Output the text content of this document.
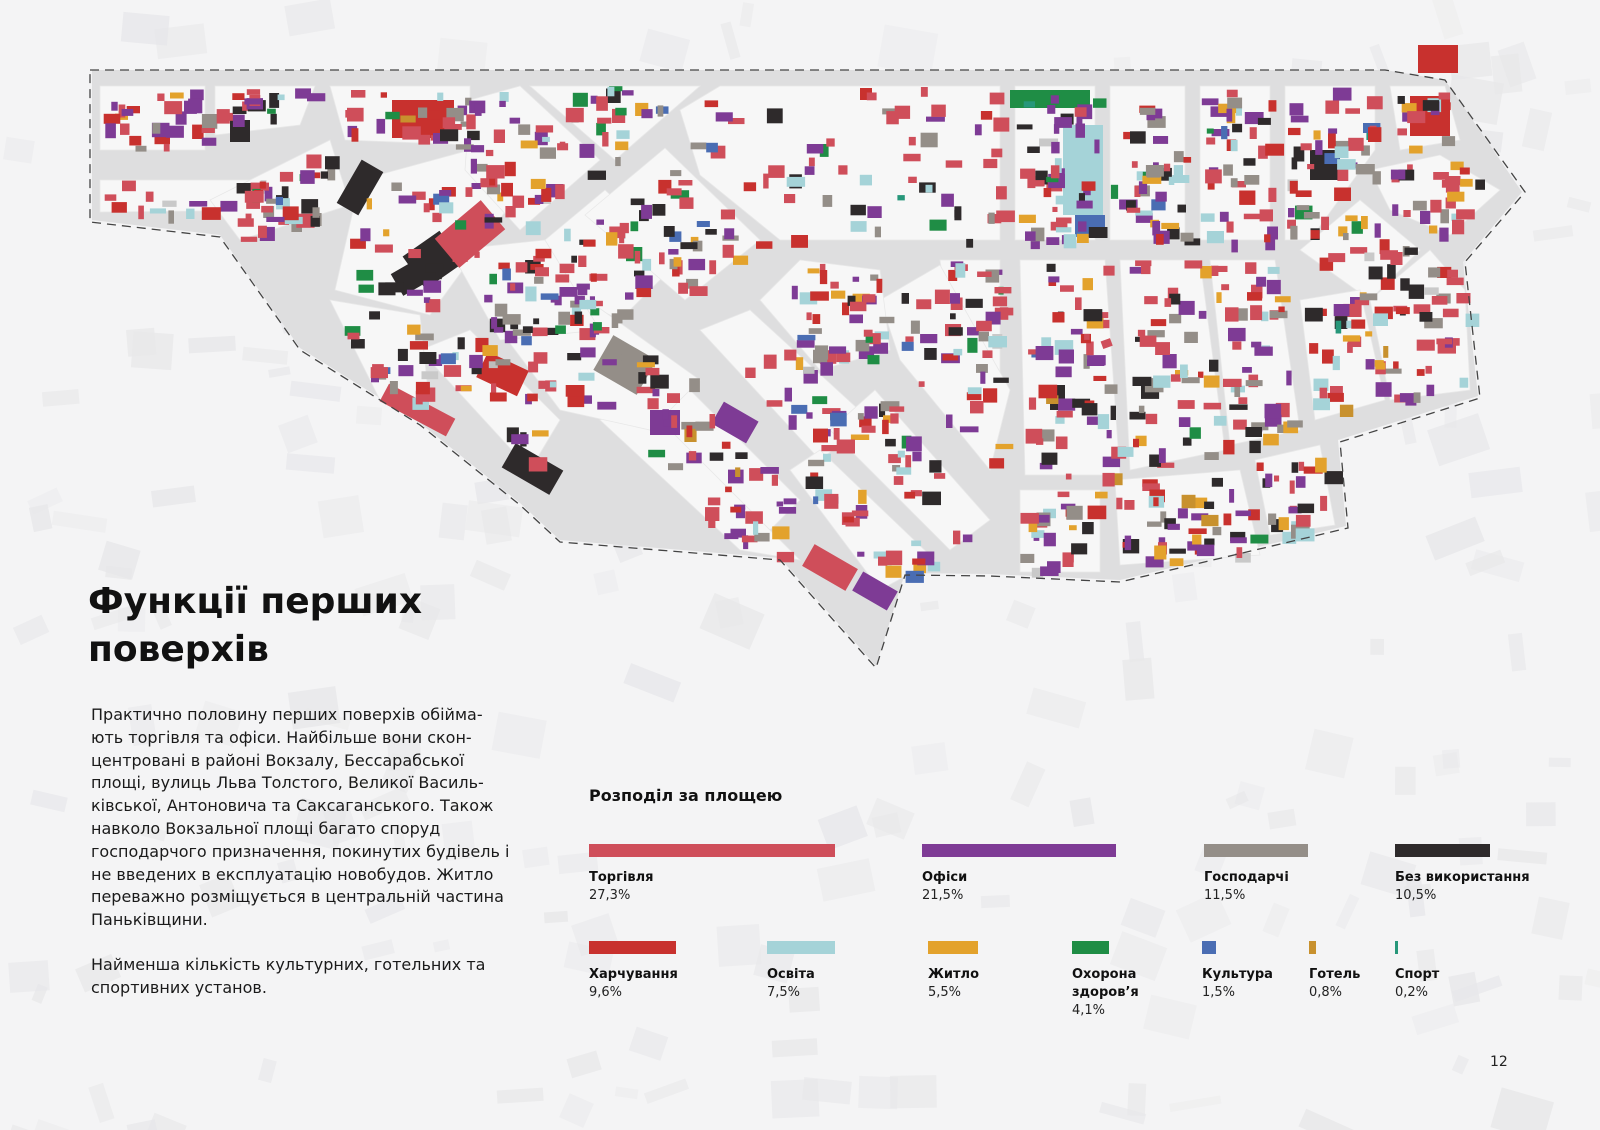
Функції перших
поверхів

Практично половину перших поверхів обійма-
ють торгівля та офіси. Найбільше вони скон-
центровані в районі Вокзалу, Бессарабської
площі, вулиць Льва Толстого, Великої Василь-
ківської, Антоновича та Саксаганського. Також
навколо Вокзальної площі багато споруд
господарчого призначення, покинутих будівель і
не введених в експлуатацію новобудов. Житло
переважно розміщується в центральній частина
Паньківщини.

Найменша кількість культурних, готельних та
спортивних установ.

Розподіл за площею
Торгівля
27,3%
Офіси
21,5%
Господарчі
11,5%
Без використання
10,5%
Харчування
9,6%
Освіта
7,5%
Житло
5,5%
Охорона
здоров’я
4,1%
Культура
1,5%
Готель
0,8%
Спорт
0,2%
12
